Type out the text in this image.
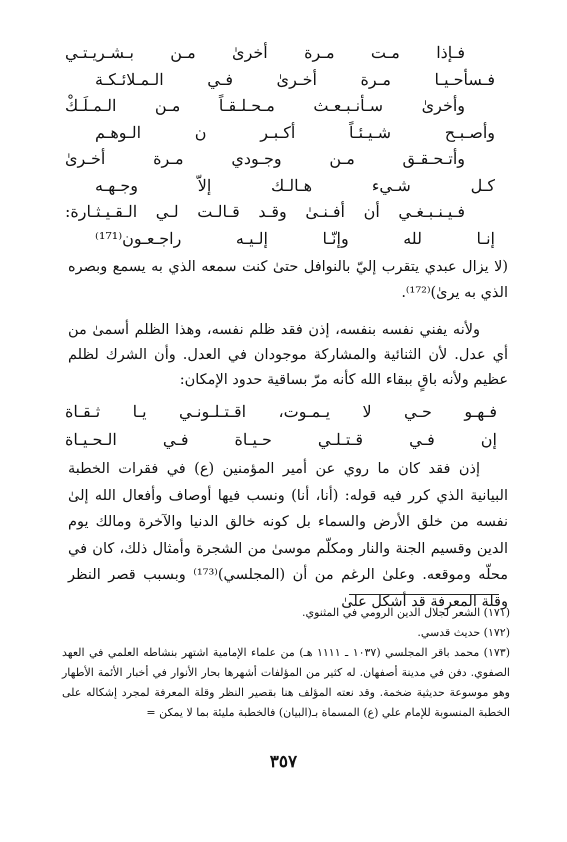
فـإذا مـت مـرة أخرىٰ مـن بـشـريـتـي
فـسأحـيـا مـرة أخـرىٰ فـي الـمـلائـكـة
وأخرىٰ سـأنـبـعـث مـحـلـقـاً مـن الـمـلَـكْ
وأصـبـح شـيـئـاً أكـبـر ن الـوهـم
وأتـحـقـق مـن وجـودي مـرة أخـرىٰ
كـل شـيء هـالـك إلاّ وجـهـه
فـيـنـبـغـي أن أفـنـىٰ وقـد قـالـت لـي الـقـيـثـارة:
إنـا لله وإنّـا إلـيـه راجـعـون⁽¹⁷¹⁾

(لا يزال عبدي يتقرب إليّ بالنوافل حتىٰ كنت سمعه الذي به يسمع وبصره الذي به يرىٰ)⁽¹⁷²⁾.

ولأنه يفني نفسه بنفسه، إذن فقد ظلم نفسه، وهذا الظلم أسمىٰ من أي عدل. لأن الثنائية والمشاركة موجودان في العدل. وأن الشرك لظلم عظيم ولأنه باقٍ ببقاء الله كأنه مرّ بساقية حدود الإمكان:

فـهـو حـي لا يـمـوت، اقـتـلـونـي يـا ثـقـاة
إن فـي قـتـلـي حـيـاة فـي الـحـيـاة

إذن فقد كان ما روي عن أمير المؤمنين (ع) في فقرات الخطبة البيانية الذي كرر فيه قوله: (أنا، أنا) ونسب فيها أوصاف وأفعال الله إلىٰ نفسه من خلق الأرض والسماء بل كونه خالق الدنيا والآخرة ومالك يوم الدين وقسيم الجنة والنار ومكلّم موسىٰ من الشجرة وأمثال ذلك، كان في محلّه وموقعه. وعلىٰ الرغم من أن (المجلسي)⁽¹⁷³⁾ وبسبب قصر النظر وقلة المعرفة قد أشكل علىٰ

(١٧١) الشعر لجلال الدين الرومي في المثنوي.
(١٧٢) حديث قدسي.
(١٧٣) محمد باقر المجلسي (١٠٣٧ ـ ١١١١ هـ) من علماء الإمامية اشتهر بنشاطه العلمي في العهد الصفوي. دفن في مدينة أصفهان. له كثير من المؤلفات أشهرها بحار الأنوار في أخبار الأئمة الأطهار وهو موسوعة حديثية ضخمة. وقد نعته المؤلف هنا بقصير النظر وقلة المعرفة لمجرد إشكاله على الخطبة المنسوبة للإمام علي (ع) المسماة بـ(البيان) فالخطبة مليئة بما لا يمكن =
٣٥٧
